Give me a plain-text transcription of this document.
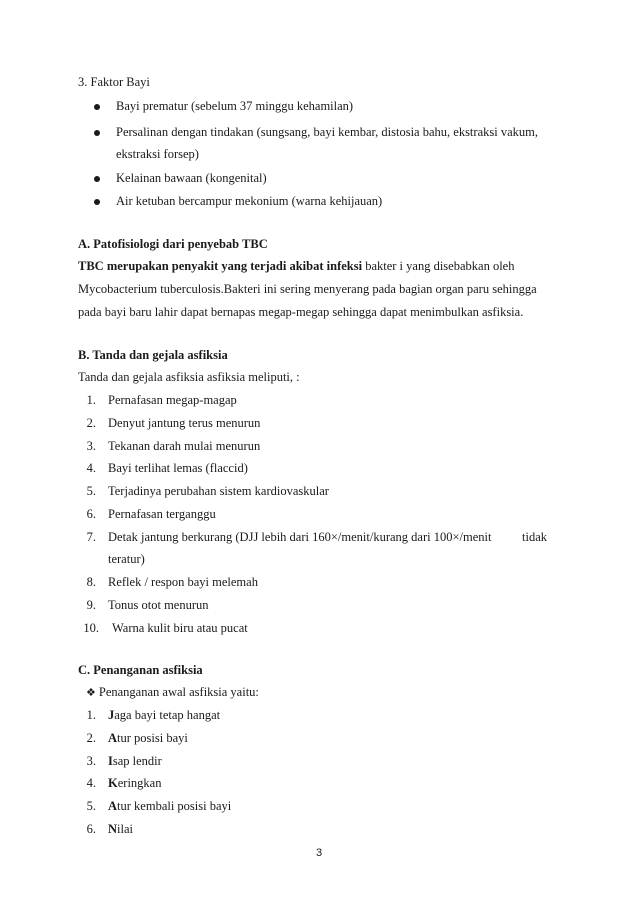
3. Faktor Bayi
Bayi prematur (sebelum 37 minggu kehamilan)
Persalinan dengan tindakan (sungsang, bayi kembar, distosia bahu, ekstraksi vakum,
ekstraksi forsep)
Kelainan bawaan (kongenital)
Air ketuban bercampur mekonium (warna kehijauan)
A. Patofisiologi dari penyebab TBC
TBC merupakan penyakit yang terjadi akibat infeksi bakter i yang disebabkan oleh
Mycobacterium tuberculosis.Bakteri ini sering menyerang pada bagian organ paru sehingga
pada bayi baru lahir dapat bernapas megap-megap sehingga dapat menimbulkan asfiksia.
B. Tanda dan gejala asfiksia
Tanda dan gejala asfiksia asfiksia meliputi, :
1. Pernafasan megap-magap
2. Denyut jantung terus menurun
3. Tekanan darah mulai menurun
4. Bayi terlihat lemas (flaccid)
5. Terjadinya perubahan sistem kardiovaskular
6. Pernafasan terganggu
7. Detak jantung berkurang (DJJ lebih dari 160×/menit/kurang dari 100×/menit tidak
teratur)
8. Reflek / respon bayi melemah
9. Tonus otot menurun
10. Warna kulit biru atau pucat
C. Penanganan asfiksia
❖ Penanganan awal asfiksia yaitu:
1. Jaga bayi tetap hangat
2. Atur posisi bayi
3. Isap lendir
4. Keringkan
5. Atur kembali posisi bayi
6. Nilai
3
